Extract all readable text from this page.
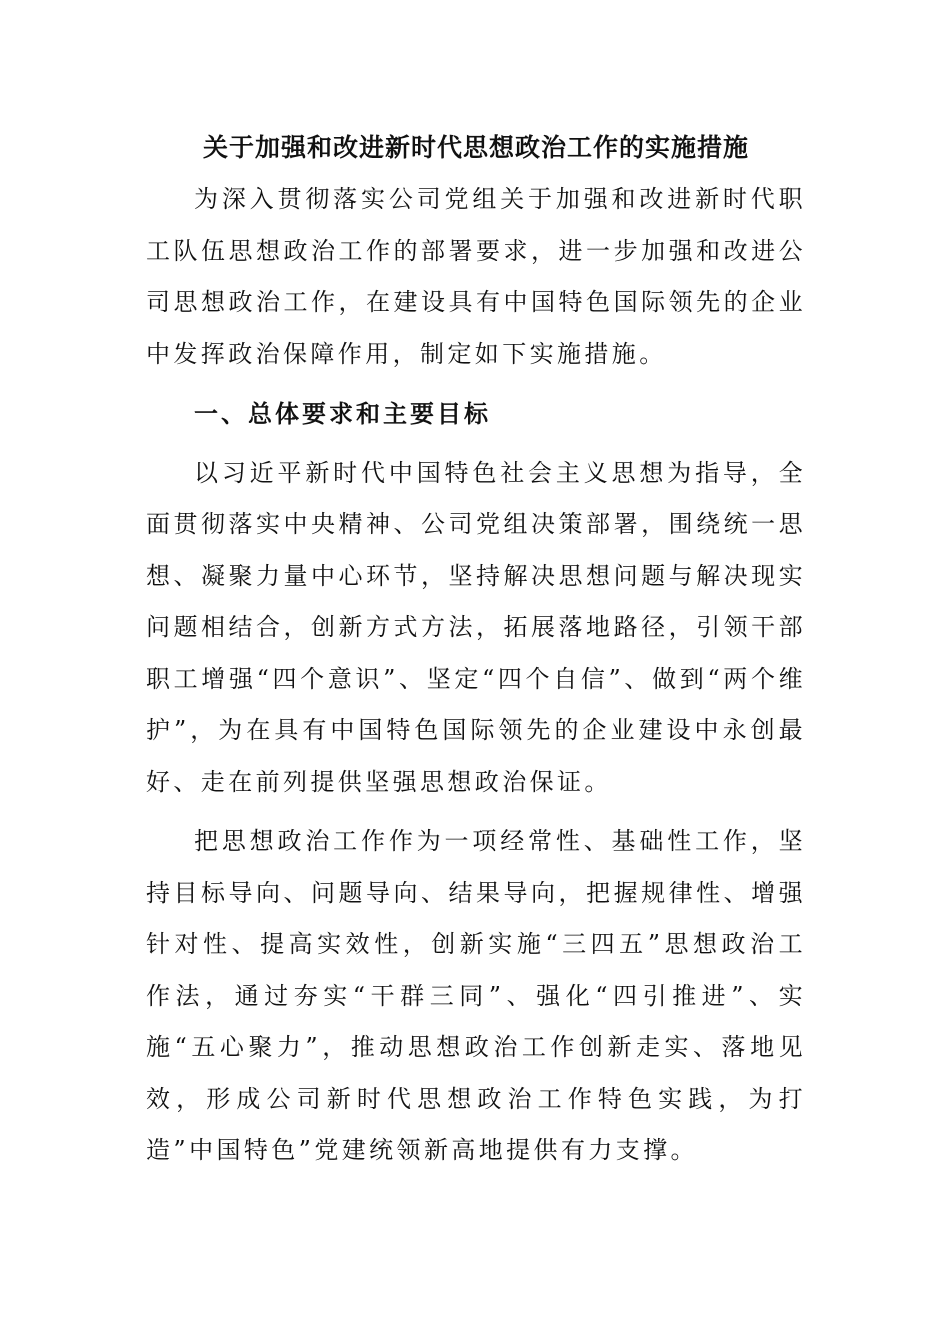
关于加强和改进新时代思想政治工作的实施措施
为深入贯彻落实公司党组关于加强和改进新时代职工队伍思想政治工作的部署要求，进一步加强和改进公司思想政治工作，在建设具有中国特色国际领先的企业中发挥政治保障作用，制定如下实施措施。
一、总体要求和主要目标
以习近平新时代中国特色社会主义思想为指导，全面贯彻落实中央精神、公司党组决策部署，围绕统一思想、凝聚力量中心环节，坚持解决思想问题与解决现实问题相结合，创新方式方法，拓展落地路径，引领干部职工增强“四个意识”、坚定“四个自信”、做到“两个维护”，为在具有中国特色国际领先的企业建设中永创最好、走在前列提供坚强思想政治保证。
把思想政治工作作为一项经常性、基础性工作，坚持目标导向、问题导向、结果导向，把握规律性、增强针对性、提高实效性，创新实施“三四五”思想政治工作法，通过夯实“干群三同”、强化“四引推进”、实施“五心聚力”，推动思想政治工作创新走实、落地见效，形成公司新时代思想政治工作特色实践，为打造”中国特色”党建统领新高地提供有力支撑。
